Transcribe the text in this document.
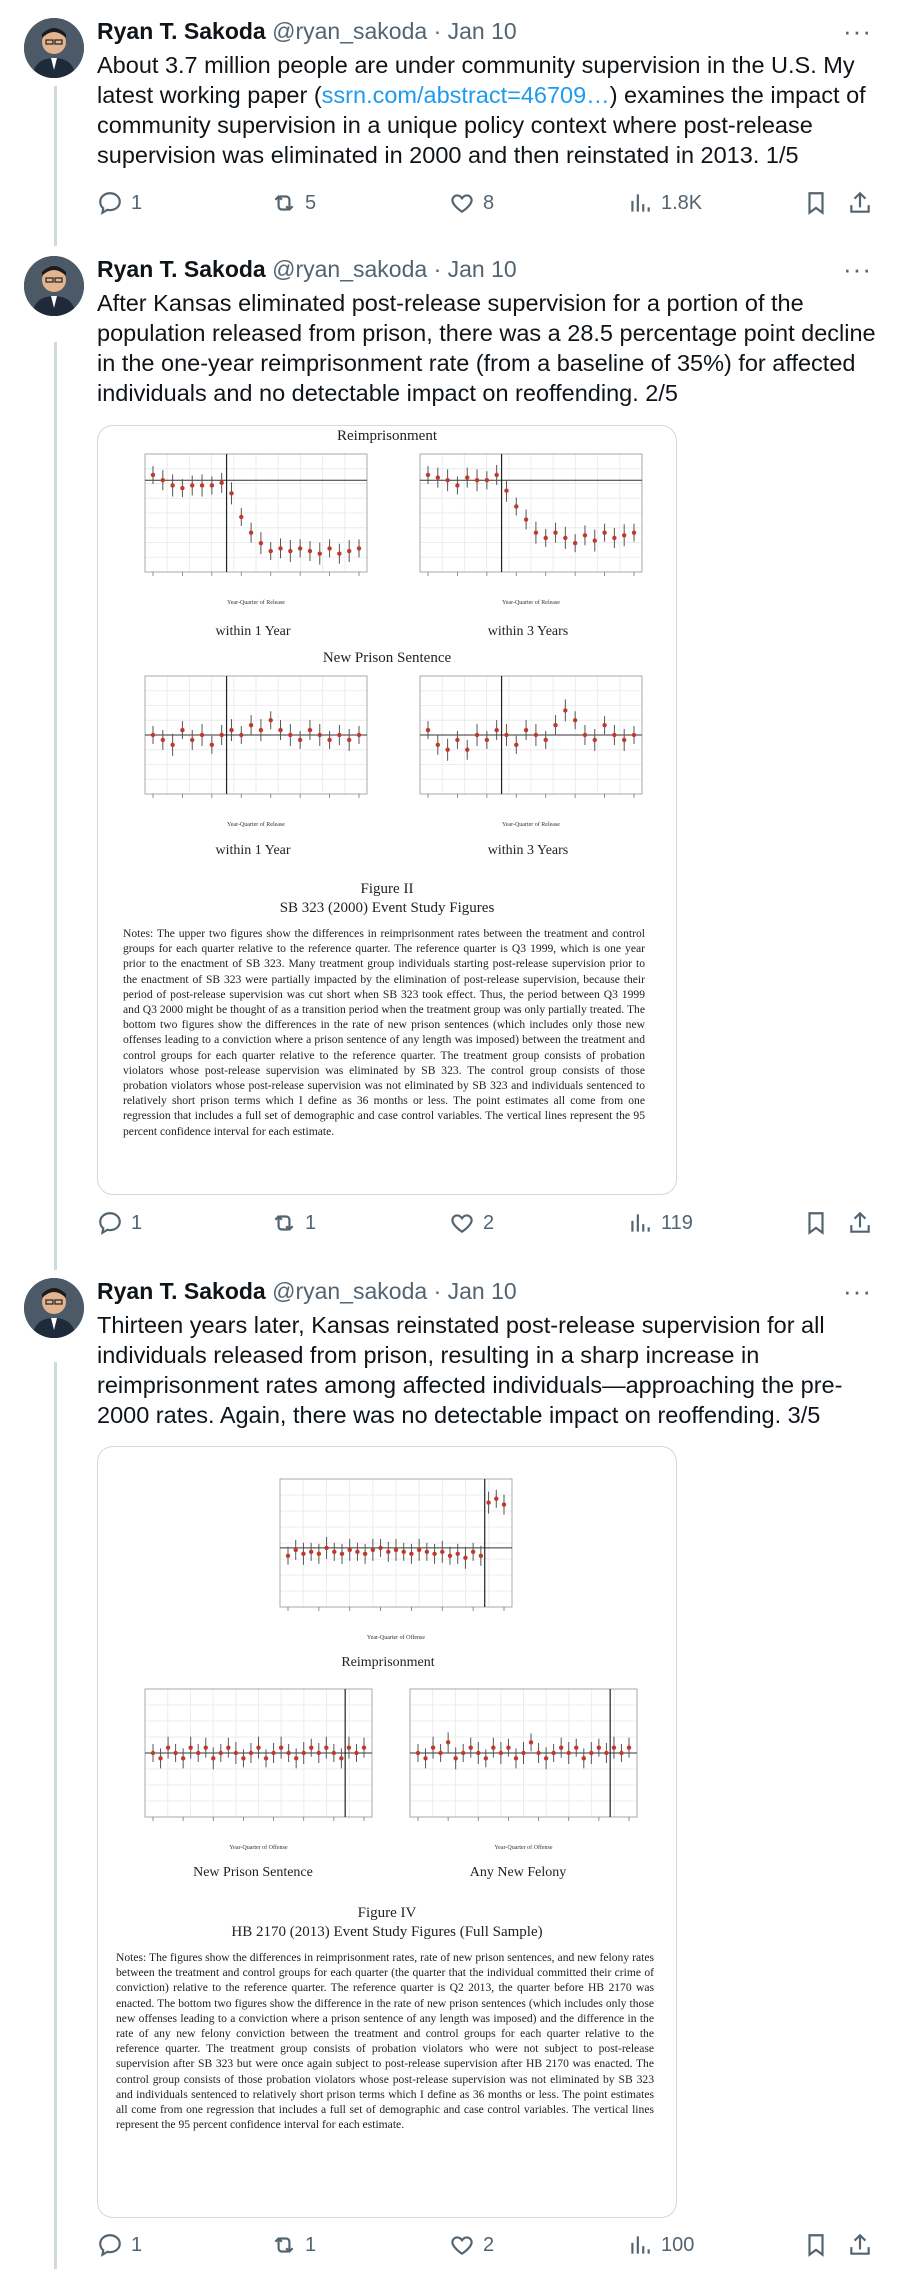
Ryan T. Sakoda @ryan_sakoda · Jan 10	···
About 3.7 million people are under community supervision in the U.S. My latest working paper (ssrn.com/abstract=46709…) examines the impact of community supervision in a unique policy context where post-release supervision was eliminated in 2000 and then reinstated in 2013. 1/5
1	5	8	1.8K
Ryan T. Sakoda @ryan_sakoda · Jan 10	···
After Kansas eliminated post-release supervision for a portion of the population released from prison, there was a 28.5 percentage point decline in the one-year reimprisonment rate (from a baseline of 35%) for affected individuals and no detectable impact on reoffending. 2/5
Reimprisonment
Year-Quarter of Release	Year-Quarter of Release
within 1 Year	within 3 Years
New Prison Sentence
Year-Quarter of Release	Year-Quarter of Release
within 1 Year	within 3 Years
Figure II
SB 323 (2000) Event Study Figures
Notes: The upper two figures show the differences in reimprisonment rates between the treatment and control groups for each quarter relative to the reference quarter. The reference quarter is Q3 1999, which is one year prior to the enactment of SB 323. Many treatment group individuals starting post-release supervision prior to the enactment of SB 323 were partially impacted by the elimination of post-release supervision, because their period of post-release supervision was cut short when SB 323 took effect. Thus, the period between Q3 1999 and Q3 2000 might be thought of as a transition period when the treatment group was only partially treated. The bottom two figures show the differences in the rate of new prison sentences (which includes only those new offenses leading to a conviction where a prison sentence of any length was imposed) between the treatment and control groups for each quarter relative to the reference quarter. The treatment group consists of probation violators whose post-release supervision was eliminated by SB 323. The control group consists of those probation violators whose post-release supervision was not eliminated by SB 323 and individuals sentenced to relatively short prison terms which I define as 36 months or less. The point estimates all come from one regression that includes a full set of demographic and case control variables. The vertical lines represent the 95 percent confidence interval for each estimate.
1	1	2	119
Ryan T. Sakoda @ryan_sakoda · Jan 10	···
Thirteen years later, Kansas reinstated post-release supervision for all individuals released from prison, resulting in a sharp increase in reimprisonment rates among affected individuals—approaching the pre-2000 rates. Again, there was no detectable impact on reoffending. 3/5
Year-Quarter of Offense
Reimprisonment
Year-Quarter of Offense	Year-Quarter of Offense
New Prison Sentence	Any New Felony
Figure IV
HB 2170 (2013) Event Study Figures (Full Sample)
Notes: The figures show the differences in reimprisonment rates, rate of new prison sentences, and new felony rates between the treatment and control groups for each quarter (the quarter that the individual committed their crime of conviction) relative to the reference quarter. The reference quarter is Q2 2013, the quarter before HB 2170 was enacted. The bottom two figures show the difference in the rate of new prison sentences (which includes only those new offenses leading to a conviction where a prison sentence of any length was imposed) and the difference in the rate of any new felony conviction between the treatment and control groups for each quarter relative to the reference quarter. The treatment group consists of probation violators who were not subject to post-release supervision after SB 323 but were once again subject to post-release supervision after HB 2170 was enacted. The control group consists of those probation violators whose post-release supervision was not eliminated by SB 323 and individuals sentenced to relatively short prison terms which I define as 36 months or less. The point estimates all come from one regression that includes a full set of demographic and case control variables. The vertical lines represent the 95 percent confidence interval for each estimate.
1	1	2	100
